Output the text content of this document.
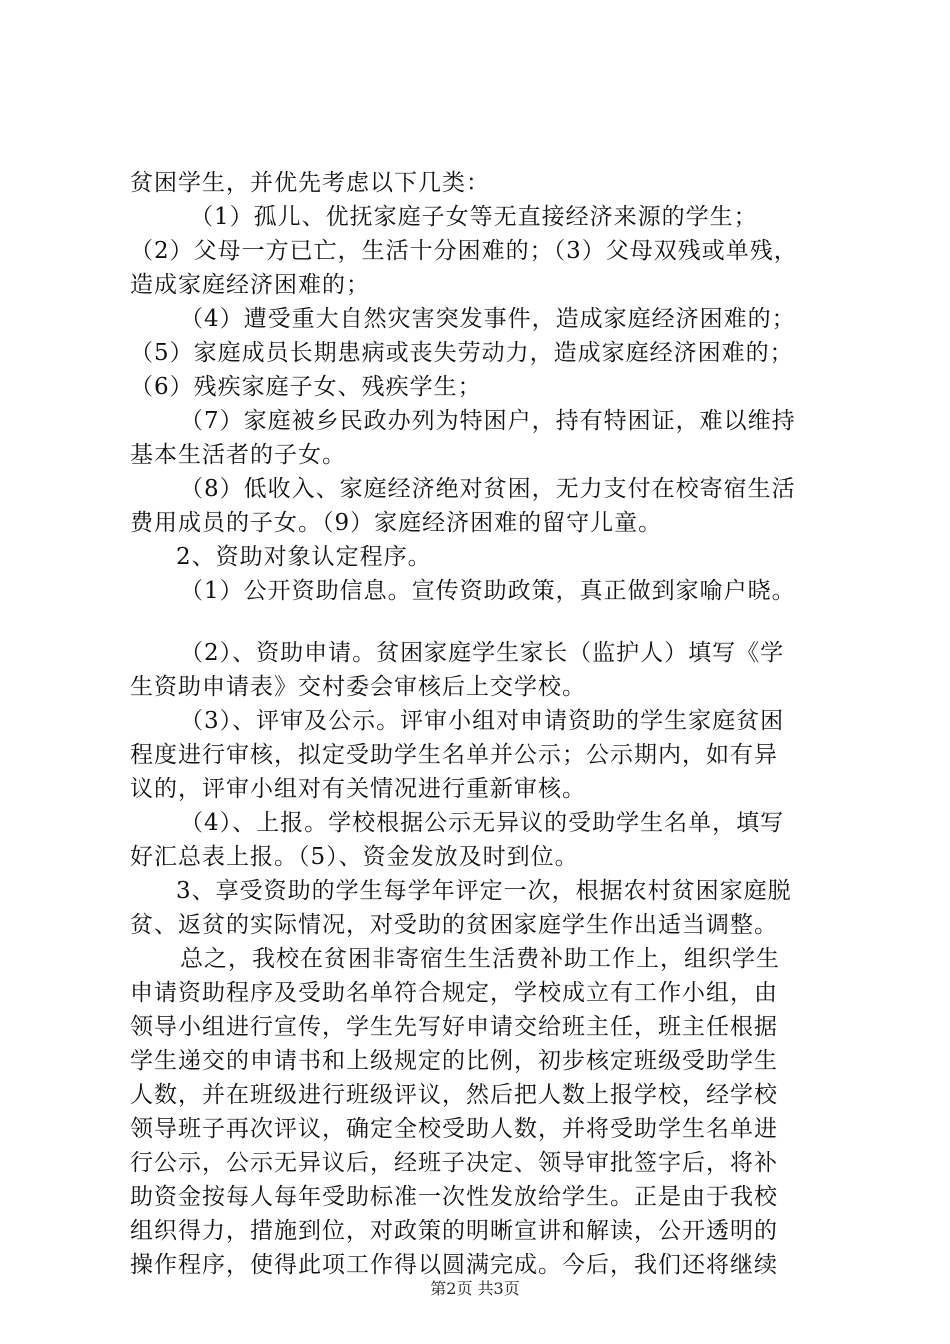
贫困学生，并优先考虑以下几类：
（1）孤儿、优抚家庭子女等无直接经济来源的学生；
（2）父母一方已亡，生活十分困难的；（3）父母双残或单残，
造成家庭经济困难的；
（4）遭受重大自然灾害突发事件，造成家庭经济困难的；
（5）家庭成员长期患病或丧失劳动力，造成家庭经济困难的；
（6）残疾家庭子女、残疾学生；
（7）家庭被乡民政办列为特困户，持有特困证，难以维持
基本生活者的子女。
（8）低收入、家庭经济绝对贫困，无力支付在校寄宿生活
费用成员的子女。（9）家庭经济困难的留守儿童。
2、资助对象认定程序。
（1）公开资助信息。宣传资助政策，真正做到家喻户晓。
（2）、资助申请。贫困家庭学生家长（监护人）填写《学
生资助申请表》交村委会审核后上交学校。
（3）、评审及公示。评审小组对申请资助的学生家庭贫困
程度进行审核，拟定受助学生名单并公示；公示期内，如有异
议的，评审小组对有关情况进行重新审核。
（4）、上报。学校根据公示无异议的受助学生名单，填写
好汇总表上报。（5）、资金发放及时到位。
3、享受资助的学生每学年评定一次，根据农村贫困家庭脱
贫、返贫的实际情况，对受助的贫困家庭学生作出适当调整。
总之，我校在贫困非寄宿生生活费补助工作上，组织学生
申请资助程序及受助名单符合规定，学校成立有工作小组，由
领导小组进行宣传，学生先写好申请交给班主任，班主任根据
学生递交的申请书和上级规定的比例，初步核定班级受助学生
人数，并在班级进行班级评议，然后把人数上报学校，经学校
领导班子再次评议，确定全校受助人数，并将受助学生名单进
行公示，公示无异议后，经班子决定、领导审批签字后，将补
助资金按每人每年受助标准一次性发放给学生。正是由于我校
组织得力，措施到位，对政策的明晰宣讲和解读，公开透明的
操作程序，使得此项工作得以圆满完成。今后，我们还将继续
第2页 共3页
